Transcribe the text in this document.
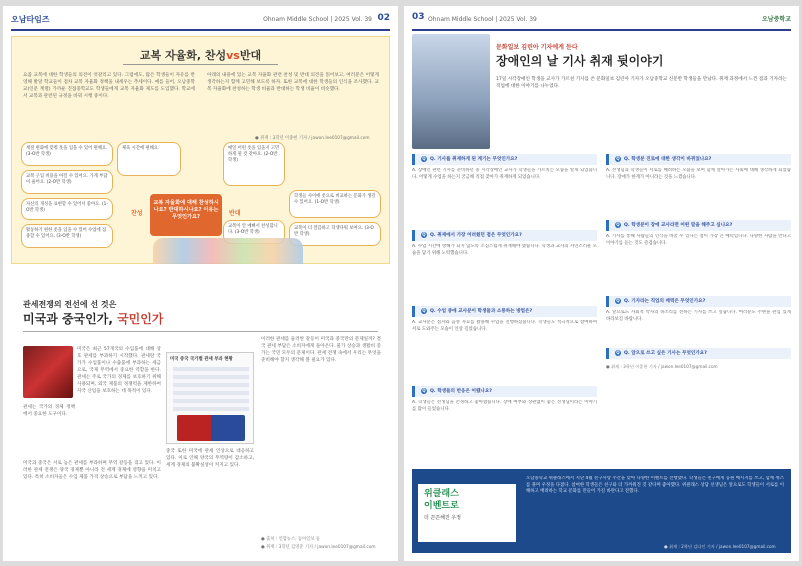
오남타임즈	Ohnam Middle School | 2025 Vol. 39 02
교복 자율화, 찬성vs반대
요즘 교복에 대한 학생들의 의견이 엇갈리고 있다. 그럼에도, 많은 학생들이 자유를 반영해 발달 학교들이 점차 교복 자율화 정책을 내세우는 추세이다. 예를 들어, 오남중학교(인문 계열) 가까운 진접중학교도 학생들에게 교복 자율화 제도를 도입했다. 학교에서 교복과 관련된 규정을 바꿔 시행 중이다.
아래의 내용에 있는 교복 자율화 관련 찬성 및 반대 의견을 읽어보고, 여러분은 어떻게 생각하는지 함께 고민해 보도록 하자. 또한 교복에 대한 학생들의 인식을 조사했다. 교복 자율화에 찬성하는 학생 비율과 반대하는 학생 비율이 비슷했다.
● 취재 : 3학년 이종현 기자 / jawon.lee0107@gmail.com
계절 변화에 맞춰 옷을 입을 수 있어 편해요. (3-O반 학생)
교복 구입 비용을 아낄 수 있어요. 가계 부담이 줄어요. (2-O반 학생)
자신의 개성을 표현할 수 있어서 좋아요. (1-O반 학생)
활동하기 편한 옷을 입을 수 있어 수업에 집중할 수 있어요. (3-O반 학생)
체육 시간에 편해요.
교복 자율화에 대해 찬성하시나요? 반대하시나요? 이유는 무엇인가요?
찬성	반대
매일 어떤 옷을 입을지 고민하게 될 것 같아요. (2-O반 학생)
학생들 사이에 옷으로 비교하는 문화가 생길 수 있어요. (1-O반 학생)
교복이 더 깔끔하고 학생다워 보여요. (3-O반 학생)
교복이 안 예뻐서 찬성합니다. (3-O반 학생)
관세전쟁의 전선에 선 것은
미국과 중국인가, 국민인가
미국은 최근 57개국의 수입품에 대해 상호 관세를 부과하기 시작했다. 관세란 국가가 수입품이나 수출품에 부과하는 세금으로, 국제 무역에서 중요한 역할을 한다. 관세는 주로 국가의 경제를 보호하기 위해 사용되며, 외국 제품의 경쟁력을 제한하여 자국 산업을 보호하는 데 목적이 있다.
관세는 국가의 경제 정책에서 중요한 도구이다.
미국과 중국은 서로 높은 관세를 부과하며 무역 갈등을 겪고 있다. 이러한 관세 전쟁은 양국 경제뿐 아니라 전 세계 경제에 영향을 미치고 있다. 특히 소비자들은 수입 제품 가격 상승으로 부담을 느끼고 있다.
미국 중국 국가별 관세 부과 현황
중국 또한 미국에 관세 인상으로 대응하고 있다. 이로 인해 양국의 무역량이 감소하고, 세계 경제의 불확실성이 커지고 있다.
이러한 관세를 둘러싼 갈등이 미국과 중국만의 문제일까? 결국 관세 부담은 소비자에게 돌아온다. 물가 상승과 생활비 증가는 국민 모두의 문제이다. 관세 전쟁 속에서 우리는 무엇을 준비해야 할지 생각해 볼 필요가 있다.
● 출처 : 연합뉴스, 동아일보 등
● 취재 : 3학년 김영준 기자 / jawon.lee0107@gmail.com
03 Ohnam Middle School | 2025 Vol. 39	오남중학교
문화일보 김린아 기자에게 듣다
장애인의 날 기사 취재 뒷이야기
17일 시각장애인 학생을 교사가 가르친 기사를 쓴 문화일보 김린아 기자가 오남중학교 신문반 학생들을 만났다. 취재 과정에서 느낀 점과 기자라는 직업에 대한 이야기를 나누었다.
Q Q. 기사를 취재하게 된 계기는 무엇인가요?
A. 장애인 관련 기사를 준비하던 중 시각장애인 교사가 학생들을 가르치는 모습을 알게 되었습니다. 어떻게 수업을 하는지 궁금해 직접 찾아가 취재하게 되었습니다.
Q Q. 취재에서 가장 어려웠던 점은 무엇인가요?
A. 수업 시간에 방해가 되지 않도록 조심스럽게 취재해야 했습니다. 학생과 교사의 자연스러운 모습을 담기 위해 노력했습니다.
Q Q. 수업 중에 교사분이 학생들과 소통하는 방법은?
A. 교사분은 점자와 음성 자료를 활용해 수업을 진행하셨습니다. 학생들도 적극적으로 참여하며 서로 도와주는 모습이 인상 깊었습니다.
Q Q. 학생들의 반응은 어땠나요?
A. 학생들은 선생님을 존경하고 좋아했습니다. 장애 여부와 상관없이 좋은 선생님이라는 이야기를 많이 들었습니다.
Q Q. 학생분 진로에 대한 생각이 바뀌었나요?
A. 선생님과 학생들이 서로를 배려하는 모습을 보며 함께 살아가는 사회에 대해 생각하게 되었습니다. 장애가 한계가 아니라는 것을 느꼈습니다.
Q Q. 학생분이 장애 교사라면 어떤 말을 해주고 싶나요?
A. 기사를 통해 사람들의 인식을 바꿀 수 있다는 점이 가장 큰 매력입니다. 다양한 사람을 만나고 이야기를 듣는 것도 즐겁습니다.
Q Q. 기자라는 직업의 매력은 무엇인가요?
A. 앞으로도 사회적 약자의 목소리를 전하는 기사를 쓰고 싶습니다. 여러분도 주변을 관심 있게 바라보길 바랍니다.
Q Q. 앞으로 쓰고 싶은 기사는 무엇인가요?
● 취재 : 3학년 이종현 기자 / jawon.lee0107@gmail.com
위클래스
이벤트로
더 끈끈해진 우정
오남중학교 위클래스에서 지난 4월 친구사랑 주간을 맞아 다양한 이벤트를 진행했다. 학생들은 친구에게 응원 메시지를 쓰고, 함께 퀴즈를 풀며 우정을 다졌다. 참여한 학생들은 친구와 더 가까워진 것 같다며 좋아했다. 위클래스 상담 선생님은 앞으로도 학생들이 서로를 이해하고 배려하는 학교 문화를 만들어 가길 바란다고 전했다.
● 취재 : 2학년 김다인 기자 / jawon.lee0107@gmail.com
